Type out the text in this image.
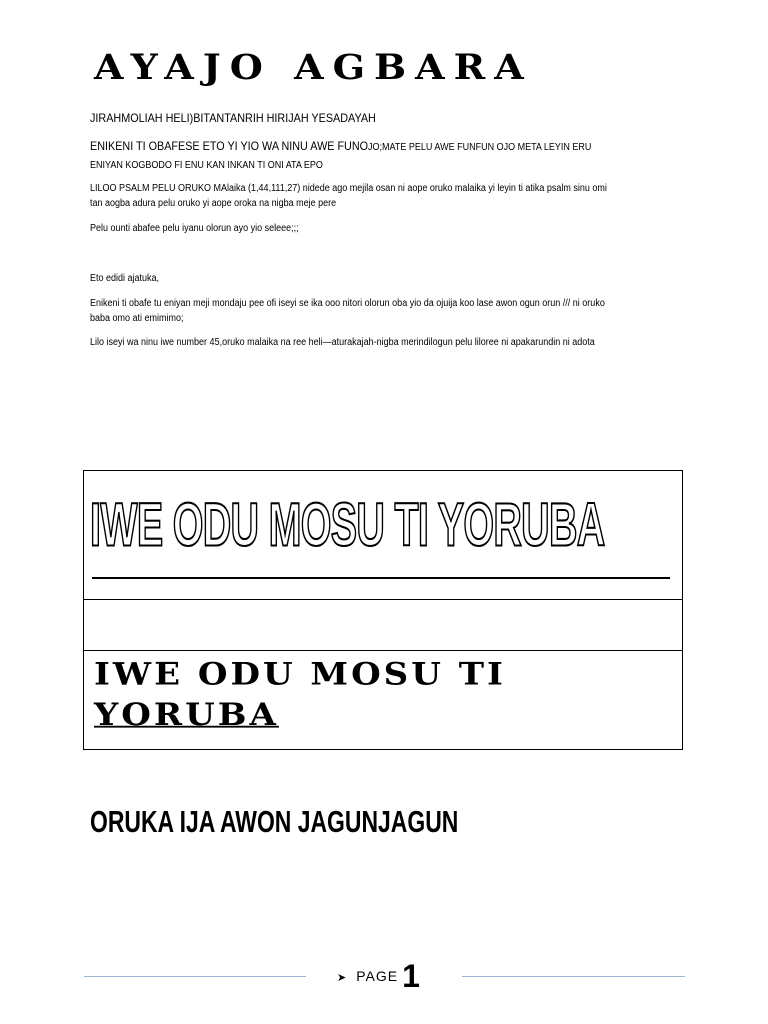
AYAJO AGBARA
JIRAHMOLIAH HELI)BITANTANRIH HIRIJAH YESADAYAH
ENIKENI TI OBAFESE ETO YI YIO WA NINU AWE FUNOJO;MATE PELU AWE FUNFUN OJO META LEYIN ERU
ENIYAN KOGBODO FI ENU KAN INKAN TI ONI ATA EPO
LILOO PSALM PELU ORUKO MAlaika (1,44,111,27) nidede ago mejila osan ni aope oruko malaika yi leyin ti atika psalm sinu omi tan aogba adura pelu oruko yi aope oroka na nigba meje pere
Pelu ounti abafee pelu iyanu olorun ayo yio seleee;;;
Eto edidi ajatuka,
Enikeni ti obafe tu eniyan meji mondaju pee ofi iseyi se ika ooo nitori olorun oba yio da ojuija koo lase awon ogun orun /// ni oruko baba omo ati emimimo;
Lilo iseyi wa ninu iwe number 45,oruko malaika na ree heli—aturakajah-nigba merindilogun pelu liloree ni apakarundin ni adota
IWE ODU MOSU TI YORUBA
IWE ODU MOSU TI
YORUBA
ORUKA IJA AWON JAGUNJAGUN
➤ PAGE 1
